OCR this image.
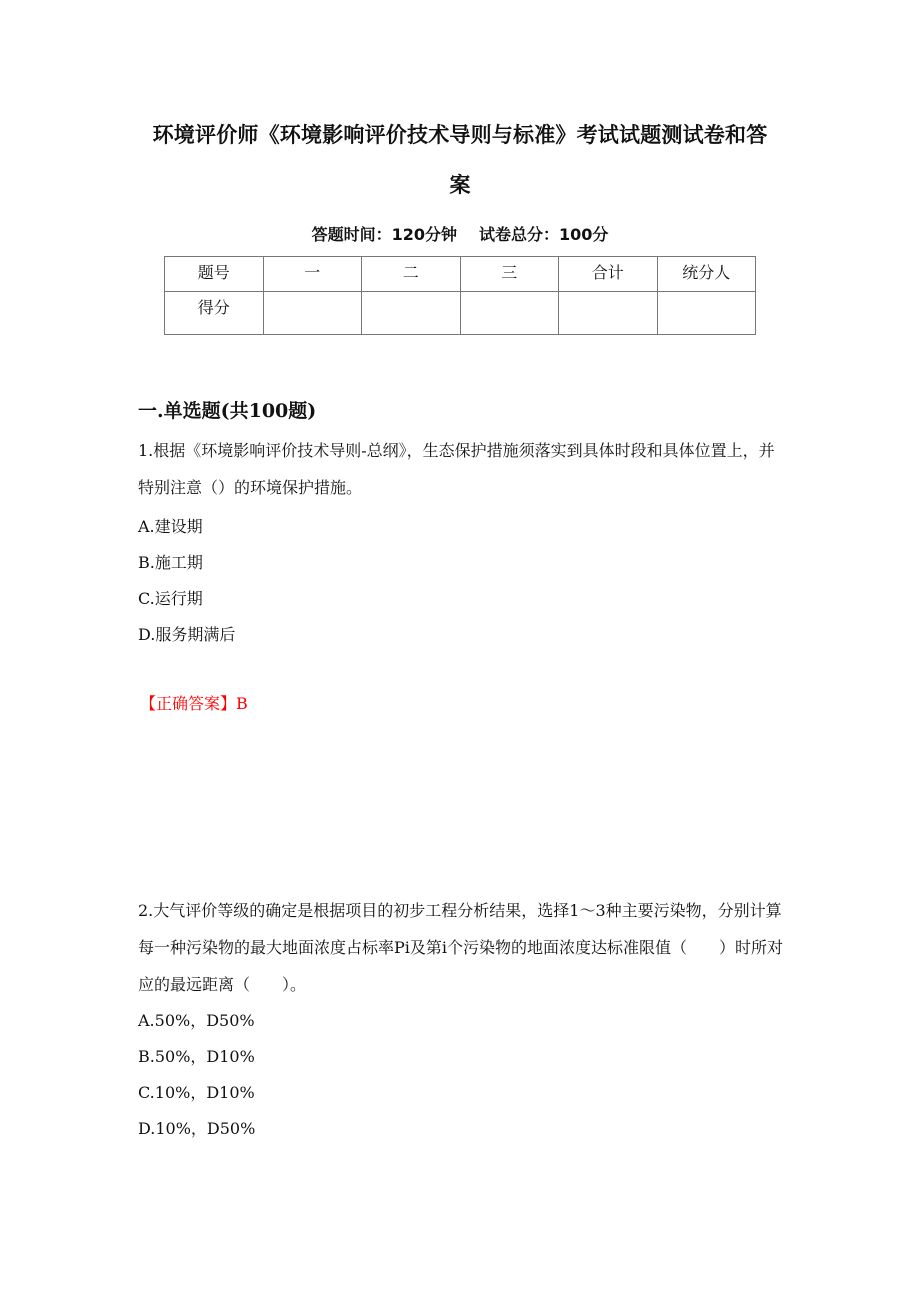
环境评价师《环境影响评价技术导则与标准》考试试题测试卷和答
案
答题时间：120分钟 试卷总分：100分
题号	一	二	三	合计	统分人
得分					
一.单选题(共100题)
1.根据《环境影响评价技术导则-总纲》，生态保护措施须落实到具体时段和具体位置上，并特别注意（）的环境保护措施。
A.建设期
B.施工期
C.运行期
D.服务期满后
【正确答案】B
2.大气评价等级的确定是根据项目的初步工程分析结果，选择1～3种主要污染物，分别计算每一种污染物的最大地面浓度占标率Pi及第i个污染物的地面浓度达标准限值（　　）时所对应的最远距离（　　）。
A.50%，D50%
B.50%，D10%
C.10%，D10%
D.10%，D50%
